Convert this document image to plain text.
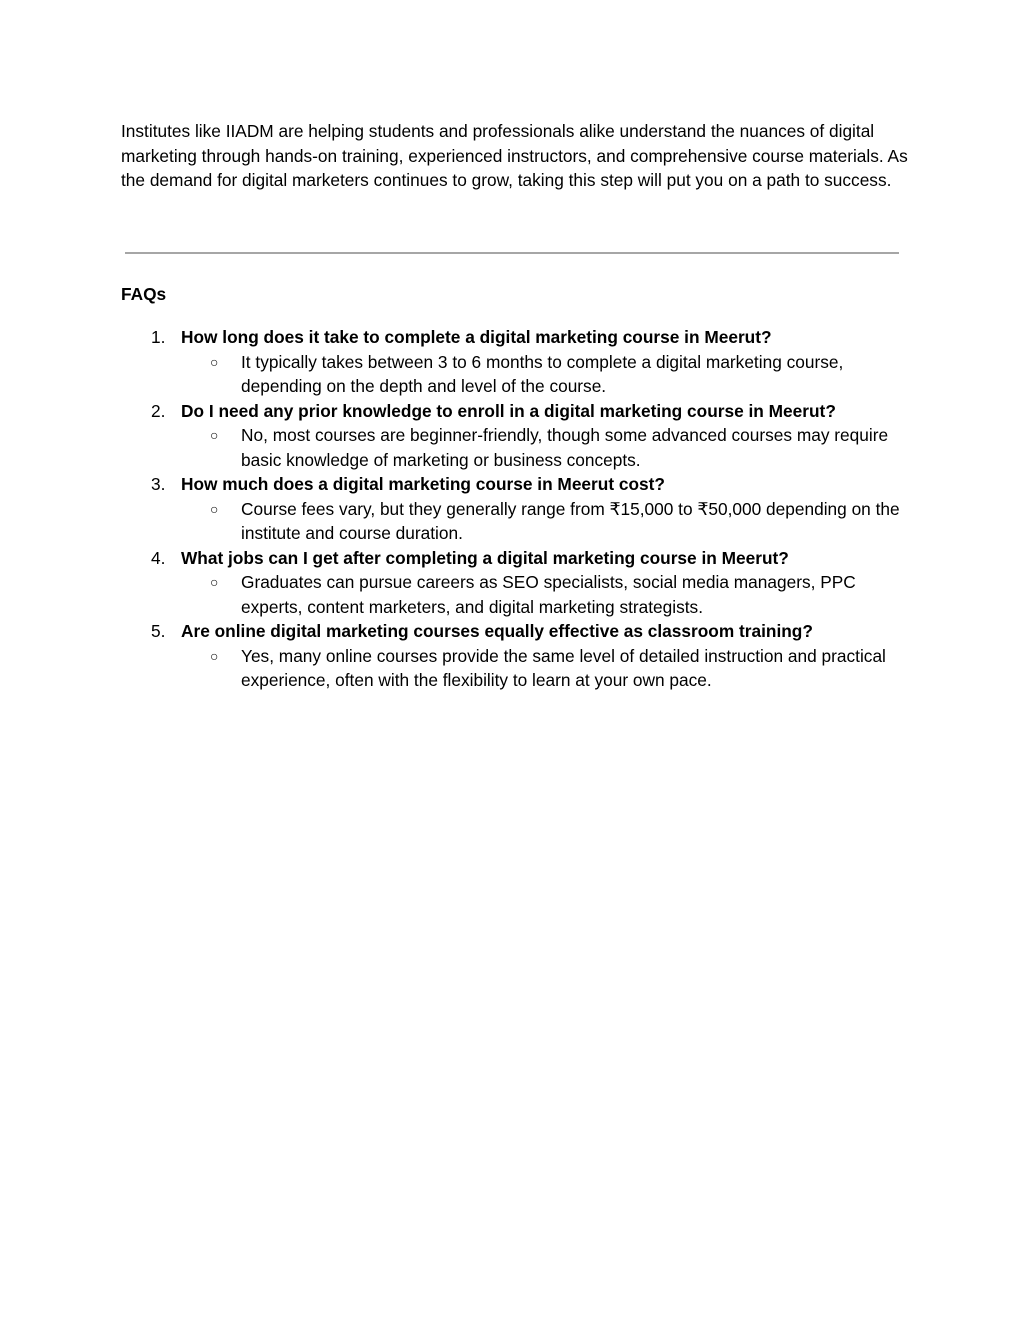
Institutes like IIADM are helping students and professionals alike understand the nuances of digital marketing through hands-on training, experienced instructors, and comprehensive course materials. As the demand for digital marketers continues to grow, taking this step will put you on a path to success.

FAQs

1. How long does it take to complete a digital marketing course in Meerut?
○ It typically takes between 3 to 6 months to complete a digital marketing course, depending on the depth and level of the course.
2. Do I need any prior knowledge to enroll in a digital marketing course in Meerut?
○ No, most courses are beginner-friendly, though some advanced courses may require basic knowledge of marketing or business concepts.
3. How much does a digital marketing course in Meerut cost?
○ Course fees vary, but they generally range from ₹15,000 to ₹50,000 depending on the institute and course duration.
4. What jobs can I get after completing a digital marketing course in Meerut?
○ Graduates can pursue careers as SEO specialists, social media managers, PPC experts, content marketers, and digital marketing strategists.
5. Are online digital marketing courses equally effective as classroom training?
○ Yes, many online courses provide the same level of detailed instruction and practical experience, often with the flexibility to learn at your own pace.
